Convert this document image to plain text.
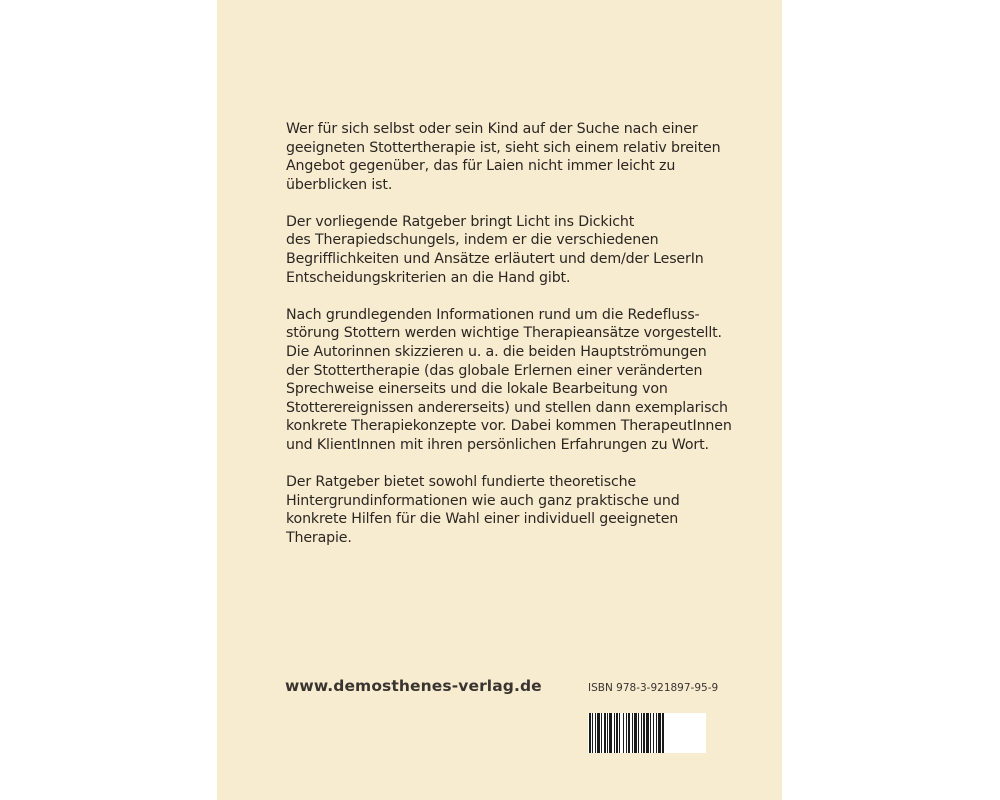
Wer für sich selbst oder sein Kind auf der Suche nach einer
geeigneten Stottertherapie ist, sieht sich einem relativ breiten
Angebot gegenüber, das für Laien nicht immer leicht zu
überblicken ist.

Der vorliegende Ratgeber bringt Licht ins Dickicht
des Therapiedschungels, indem er die verschiedenen
Begrifflichkeiten und Ansätze erläutert und dem/der LeserIn
Entscheidungskriterien an die Hand gibt.

Nach grundlegenden Informationen rund um die Redefluss-
störung Stottern werden wichtige Therapieansätze vorgestellt.
Die Autorinnen skizzieren u. a. die beiden Hauptströmungen
der Stottertherapie (das globale Erlernen einer veränderten
Sprechweise einerseits und die lokale Bearbeitung von
Stotterereignissen andererseits) und stellen dann exemplarisch
konkrete Therapiekonzepte vor. Dabei kommen TherapeutInnen
und KlientInnen mit ihren persönlichen Erfahrungen zu Wort.

Der Ratgeber bietet sowohl fundierte theoretische
Hintergrundinformationen wie auch ganz praktische und
konkrete Hilfen für die Wahl einer individuell geeigneten
Therapie.

www.demosthenes-verlag.de	ISBN 978-3-921897-95-9
